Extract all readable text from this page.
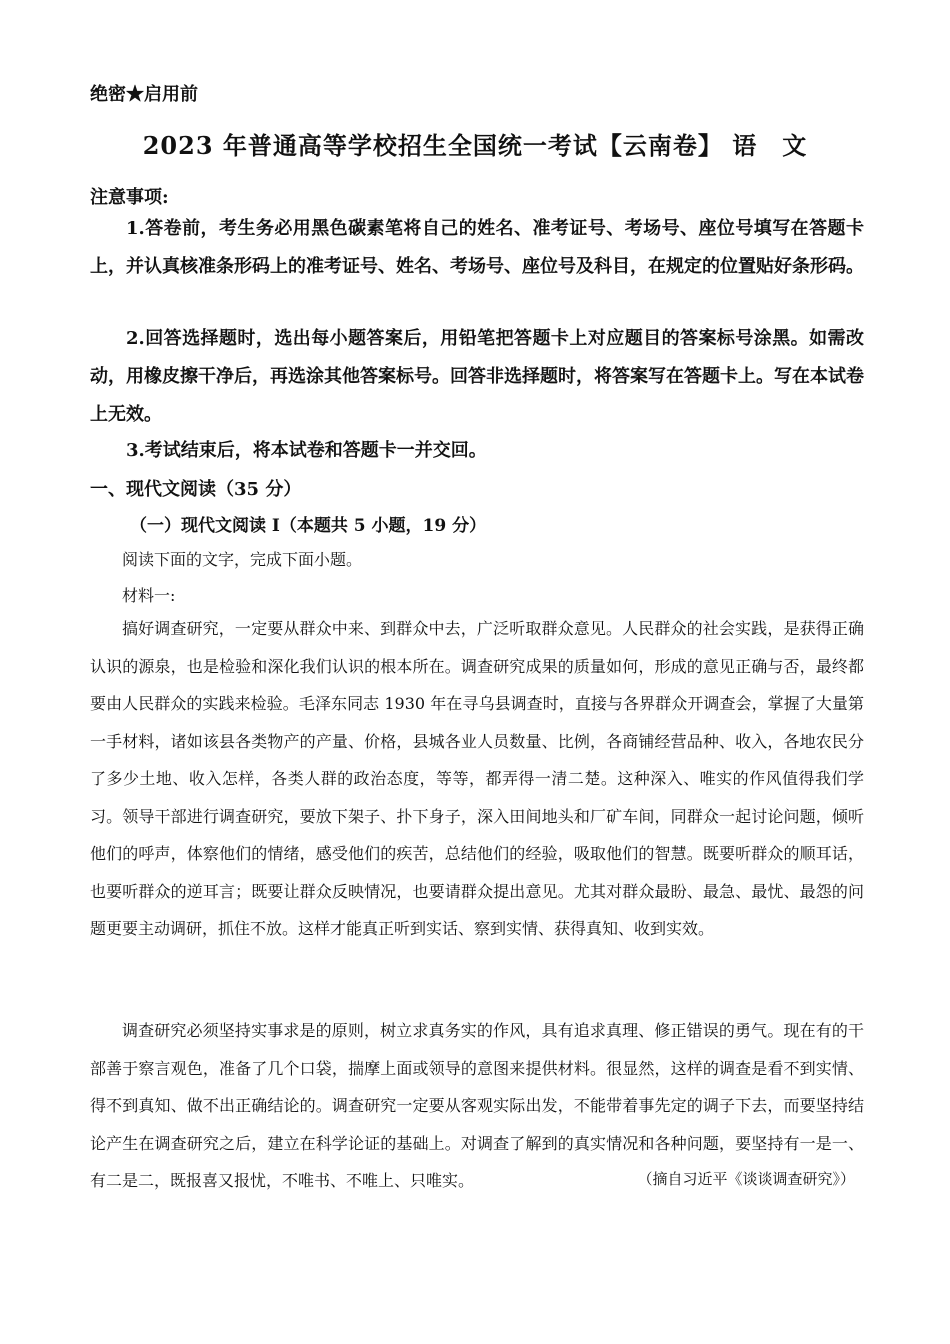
绝密★启用前
2023 年普通高等学校招生全国统一考试【云南卷】 语　文
注意事项:

1.答卷前，考生务必用黑色碳素笔将自己的姓名、准考证号、考场号、座位号填写在答题卡上，并认真核准条形码上的准考证号、姓名、考场号、座位号及科目，在规定的位置贴好条形码。

2.回答选择题时，选出每小题答案后，用铅笔把答题卡上对应题目的答案标号涂黑。如需改动，用橡皮擦干净后，再选涂其他答案标号。回答非选择题时，将答案写在答题卡上。写在本试卷上无效。

3.考试结束后，将本试卷和答题卡一并交回。

一、现代文阅读（35 分）
（一）现代文阅读 I（本题共 5 小题，19 分）
阅读下面的文字，完成下面小题。
材料一:

搞好调查研究，一定要从群众中来、到群众中去，广泛听取群众意见。人民群众的社会实践，是获得正确认识的源泉，也是检验和深化我们认识的根本所在。调查研究成果的质量如何，形成的意见正确与否，最终都要由人民群众的实践来检验。毛泽东同志 1930 年在寻乌县调查时，直接与各界群众开调查会，掌握了大量第一手材料，诸如该县各类物产的产量、价格，县城各业人员数量、比例，各商铺经营品种、收入，各地农民分了多少土地、收入怎样，各类人群的政治态度，等等，都弄得一清二楚。这种深入、唯实的作风值得我们学习。领导干部进行调查研究，要放下架子、扑下身子，深入田间地头和厂矿车间，同群众一起讨论问题，倾听他们的呼声，体察他们的情绪，感受他们的疾苦，总结他们的经验，吸取他们的智慧。既要听群众的顺耳话，也要听群众的逆耳言；既要让群众反映情况，也要请群众提出意见。尤其对群众最盼、最急、最忧、最怨的问题更要主动调研，抓住不放。这样才能真正听到实话、察到实情、获得真知、收到实效。

调查研究必须坚持实事求是的原则，树立求真务实的作风，具有追求真理、修正错误的勇气。现在有的干部善于察言观色，准备了几个口袋，揣摩上面或领导的意图来提供材料。很显然，这样的调查是看不到实情、得不到真知、做不出正确结论的。调查研究一定要从客观实际出发，不能带着事先定的调子下去，而要坚持结论产生在调查研究之后，建立在科学论证的基础上。对调查了解到的真实情况和各种问题，要坚持有一是一、有二是二，既报喜又报忧，不唯书、不唯上、只唯实。	（摘自习近平《谈谈调查研究》）
